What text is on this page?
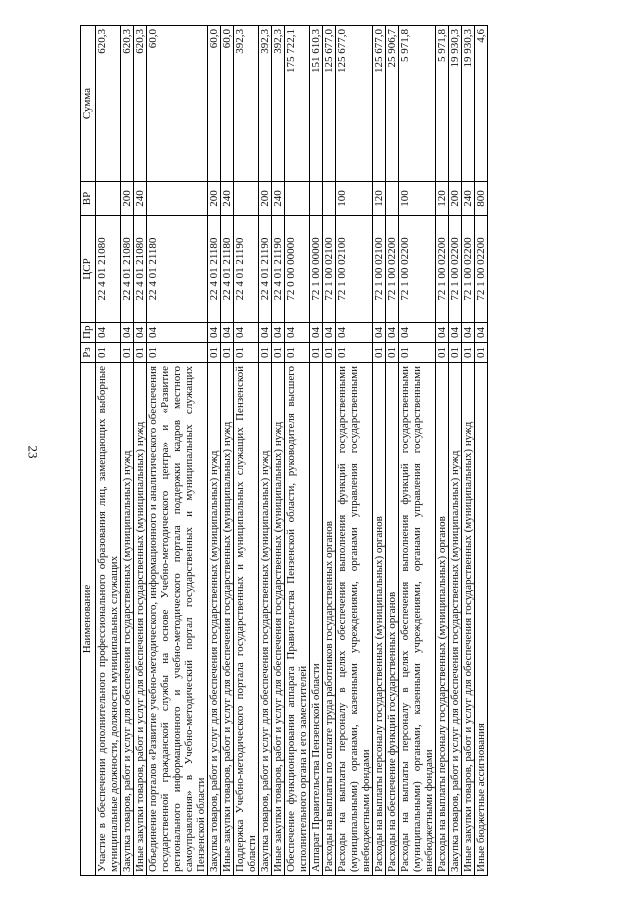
23
Наименование	Рз	Пр	ЦСР	ВР	Сумма
Участие в обеспечении дополнительного профессионального образования лиц, замещающих выборные муниципальные должности, должности муниципальных служащих	01	04	22 4 01 21080		620,3
Закупка товаров, работ и услуг для обеспечения государственных (муниципальных) нужд	01	04	22 4 01 21080	200	620,3
Иные закупки товаров, работ и услуг для обеспечения государственных (муниципальных) нужд	01	04	22 4 01 21080	240	620,3
Объединение порталов «Развитие учебно-методического, информационного и аналитического обеспечения государственной гражданской службы на основе Учебно-методического центра» и «Развитие регионального информационного и учебно-методического портала поддержки кадров местного самоуправления» в Учебно-методический портал государственных и муниципальных служащих Пензенской области	01	04	22 4 01 21180		60,0
Закупка товаров, работ и услуг для обеспечения государственных (муниципальных) нужд	01	04	22 4 01 21180	200	60,0
Иные закупки товаров, работ и услуг для обеспечения государственных (муниципальных) нужд	01	04	22 4 01 21180	240	60,0
Поддержка Учебно-методического портала государственных и муниципальных служащих Пензенской области	01	04	22 4 01 21190		392,3
Закупка товаров, работ и услуг для обеспечения государственных (муниципальных) нужд	01	04	22 4 01 21190	200	392,3
Иные закупки товаров, работ и услуг для обеспечения государственных (муниципальных) нужд	01	04	22 4 01 21190	240	392,3
Обеспечение функционирования аппарата Правительства Пензенской области, руководителя высшего исполнительного органа и его заместителей	01	04	72 0 00 00000		175 722,1
Аппарат Правительства Пензенской области	01	04	72 1 00 00000		151 610,3
Расходы на выплаты по оплате труда работников государственных органов	01	04	72 1 00 02100		125 677,0
Расходы на выплаты персоналу в целях обеспечения выполнения функций государственными (муниципальными) органами, казенными учреждениями, органами управления государственными внебюджетными фондами	01	04	72 1 00 02100	100	125 677,0
Расходы на выплаты персоналу государственных (муниципальных) органов	01	04	72 1 00 02100	120	125 677,0
Расходы на обеспечение функций государственных органов	01	04	72 1 00 02200		25 906,7
Расходы на выплаты персоналу в целях обеспечения выполнения функций государственными (муниципальными) органами, казенными учреждениями, органами управления государственными внебюджетными фондами	01	04	72 1 00 02200	100	5 971,8
Расходы на выплаты персоналу государственных (муниципальных) органов	01	04	72 1 00 02200	120	5 971,8
Закупка товаров, работ и услуг для обеспечения государственных (муниципальных) нужд	01	04	72 1 00 02200	200	19 930,3
Иные закупки товаров, работ и услуг для обеспечения государственных (муниципальных) нужд	01	04	72 1 00 02200	240	19 930,3
Иные бюджетные ассигнования	01	04	72 1 00 02200	800	4,6
